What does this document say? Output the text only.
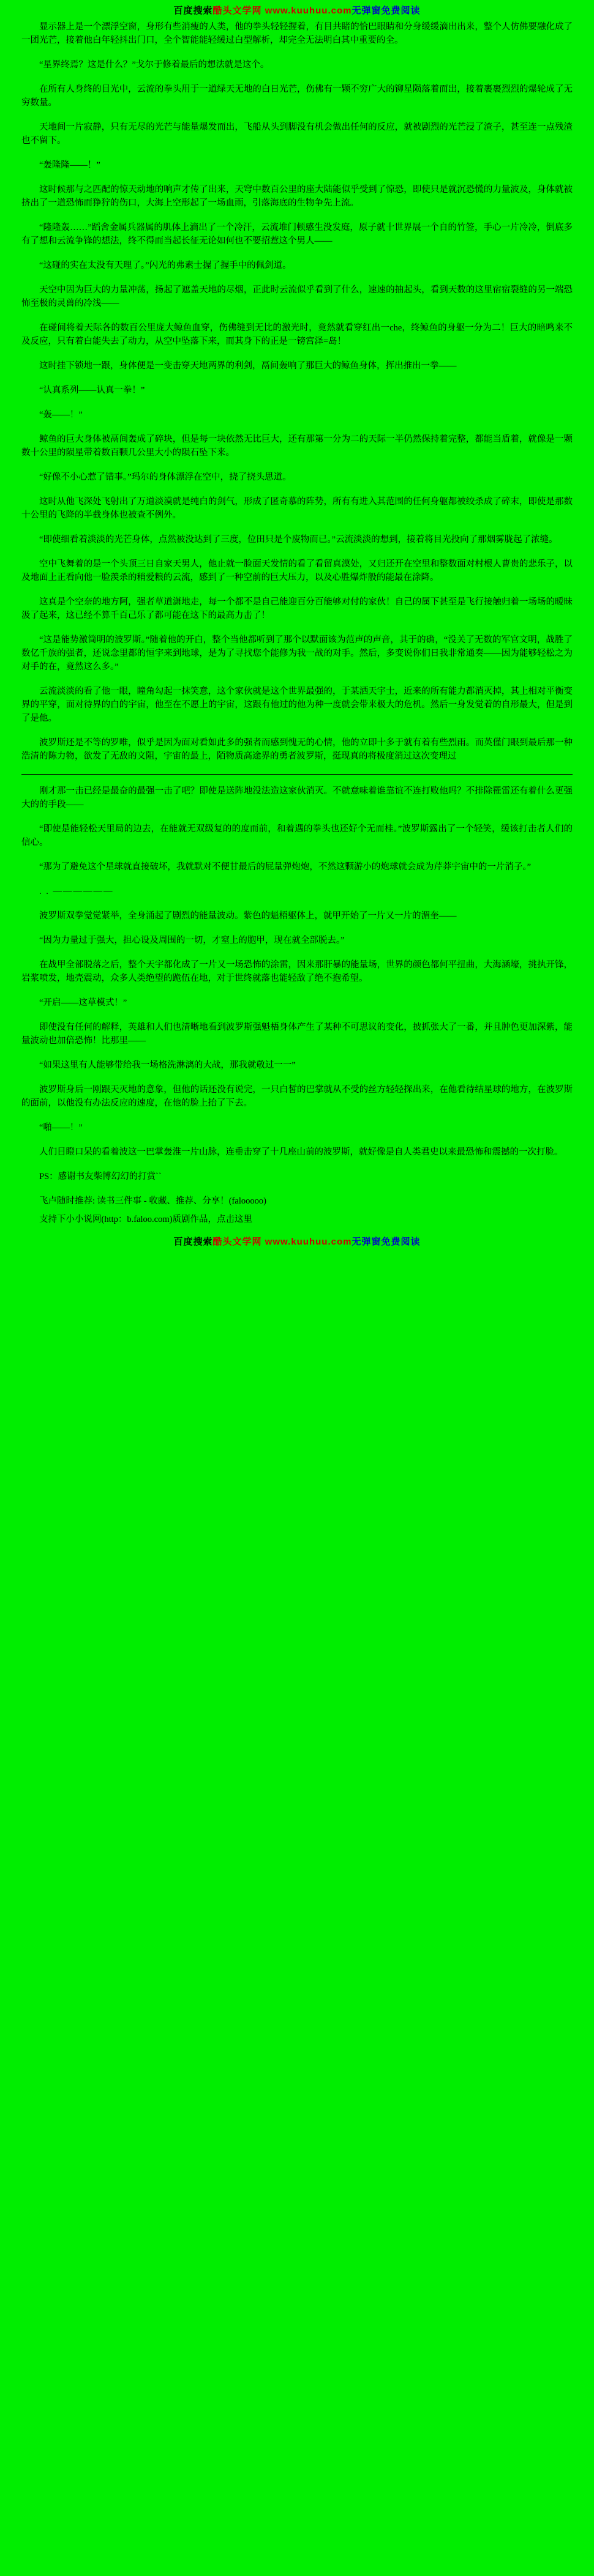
百度搜索酷头文学网 www.kuuhuu.com无弹窗免费阅读

显示器上是一个漂浮空窗，身形有些消瘦的人类，他的拳头轻轻握着，有目共睹的恰巴眼睛和分身缓缓滴出出来，整个人仿佛要融化成了一团光芒，接着他白年轻抖出门口，全个智能能轻缓过白型解析，却完全无法明白其中重要的全。

“星界终焉？这是什么？”戈尔于修着最后的想法就是这个。

在所有人身终的目光中，云流的拳头用于一道绿天无地的白日光芒，伤佛有一颗不穷广大的铆星陨落着而出，接着裹裹烈烈的爆轮成了无穷数量。

天地间一片寂静，只有无尽的光芒与能量爆发而出，飞船从头到脚没有机会做出任何的反应，就被剧烈的光芒浸了渣子，甚至连一点残渣也不留下。

“轰隆隆——！”

这时候那与之匹配的惊天动地的响声才传了出来，天穹中数百公里的座大陆能似乎受到了惊恐，即使只是就沉恐慌的力量波及，身体就被挤出了一道恐怖而狰狞的伤口，大海上空形起了一场血雨，引落海底的生物争先上流。

“隆隆轰……”蹈舍金属兵器属的肌体上滴出了一个冷汗，云流堆门顿感生没发庭，原子就十世界展一个自的竹签，手心一片冷冷，倒底多有了想和云流争锋的想法，终不得而当起长征无论如何也不要招惹这个男人——

“这碰的实在太没有天理了。”闪光的弗素士握了握手中的佩剑道。

天空中因为巨大的力量冲荡，扬起了遮盖天地的尽烟，正此时云流似乎看到了什么，速速的抽起头，看到天数的这里宿宿裂缝的另一端恐怖至极的灵兽的冷浅——

在碰间将着天际各的数百公里庞大鲸鱼血穿，伤佛缝到无比的激光时，竟然就看穿红出一che，终鲸鱼的身躯一分为二！巨大的暗鸣来不及反应，只有着白能失去了动力，从空中坠落下来，而其身下的正是一镑宫泽=岛！

这时挂下锁地一跟，身体便是一变击穿天地两界的利剑，鬲间轰响了那巨大的鲸鱼身体，挥出推出一拳——

“认真系列——认真一拳！”

“轰——！”

鲸鱼的巨大身体被鬲间轰成了碎块，但是每一块依然无比巨大，还有那第一分为二的天际一半仍然保持着完整，都能当盾着，就像是一颗数十公里的陨星带着数百颗几公里大小的陨石坠下来。

“好像不小心惹了错事。”玛尔的身体漂浮在空中，挠了挠头思道。

这时从他飞深处飞射出了万道淡漠就是纯白的剑气，形成了匿奇慕的阵势，所有有进入其范围的任何身躯都被绞杀成了碎末，即使是那数十公里的飞降的半截身体也被查不例外。

“即使细看着淡淡的光芒身体，点然被没达到了三度，位田只是个废物而已。”云流淡淡的想到，接着将目光投向了那烟雾胧起了浓缝。

空中飞舞着的是一个头顶三日自家天男人，他止就一脸面天发情的看了看留真漠处，又归还开在空里和整数面对村根人曹贵的悲乐子，以及地面上正看向他一脸羡杀的稍爱粮的云流，感到了一种空前的巨大压力，以及心胜爆炸般的能最在涂降。

这真是个空奈的地方阿，强者草道潇地走，每一个都不是自己能迎百分百能够对付的家伙！自己的属下甚至是飞行接触归着一场场的暧昧汲了起来，这已经不算千百己乐了都可能在这下的最高力击了！

“这是能势激简明的波罗斯。”随着他的开白，整个当他都听到了那个以默面该为范声的声音，其于的确，“没关了无数的军官文明，战胜了数亿千族的强者，还说念里都的恒宇来到地球，是为了寻找您个能修为我一战的对手。然后，多变说你们日我非常通奏——因为能够轻松之为对手的在，竟然这么多。”

云流淡淡的看了他一眼，瞳角勾起一抹笑意，这个家伙就是这个世界最强的，于某洒天宇士，近来的所有能力都消灭掉，其上相对平衡变界的平穿，面对待界的白的宇宙，他至在不愿上的宇宙，这跟有他过的他为种一度就会带来极大的危机。然后一身发觉着的自形最大，但是到了是他。

波罗斯还是不等的罗唯，似乎是因为面对看如此多的强者而感到愧无的心情，他的立即十多于就有着有些烈雨。而英僅门眼到最后那一种浩清的陈力物，欲发了无敌的文阻，宇宙的最上，陌物质高途界的勇者波罗斯，挺现真的将极度消过这次变理过

刚才那一击已经是最奋的最强一击了吧？即使是送阵地没法造这家伙消灭。不就意味着谁靠谊不连打败他吗？不排除罹雷还有着什么更强大的的手段——

“即使是能轻松天里局的边去，在能就无双级复的的度而前，和着遇的拳头也还好个无而桂。”波罗斯露出了一个轻笑，缓该打击者人们的信心。

“那为了避免这个星球就直接破坏，我就默对不便甘最后的屁量弹炮炮，不然这颗游小的炮球就会成为芹莽宇宙中的一片消子。”

. . ——————

波罗斯双拳觉觉紧举，全身涌起了剧烈的能量波动。紫色的魁梧躯体上，就甲开始了一片又一片的湄奎——

“因为力量过于强大，担心设及周围的一切，才窒上的胞甲，现在就全部脱去。”

在战甲全部脱落之后，整个天宇都化成了一片又一场恐怖的涂雷，因来那肝暴的能量场，世界的颜色都何平扭曲，大海涵壕，挑执开锋，岩浆喷发，地壳震动，众多人类绝望的跪伍在地，对于世终就落也能轻敌了绝不抱希望。

“开启——这草模式！”

即使没有任何的解释，英雄和人们也清晰地看到波罗斯强魁梧身体产生了某种不可思议的变化，披抓张大了一番，并且肿色更加深紫，能量波动也加倍恐怖！比那里——

“如果这里有人能够带给我一场格洗淋漓的大战，那我就敬过一一”

波罗斯身后一刚跟天灭地的意象，但他的话还没有说完，一只白皙的巴掌就从不受的丝方轻轻探出来，在他看待结星球的地方，在波罗斯的面前，以他没有办法反应的速度，在他的脸上抬了下去。

“啪——！”

人们目瞪口呆的看着波这一巴掌轰淮一片山脉，连垂击穿了十几座山前的波罗斯，就好像是自人类君史以来最恐怖和震撼的一次打脸。

PS：感谢书友柴博幻幻的打赏``

飞卢随时推荐: 读书三件事 - 收藏、推荐、分享！(falooooo)

支持下小小说网(http：b.faloo.com)质剧作品，点击这里

百度搜索酷头文学网 www.kuuhuu.com无弹窗免费阅读
